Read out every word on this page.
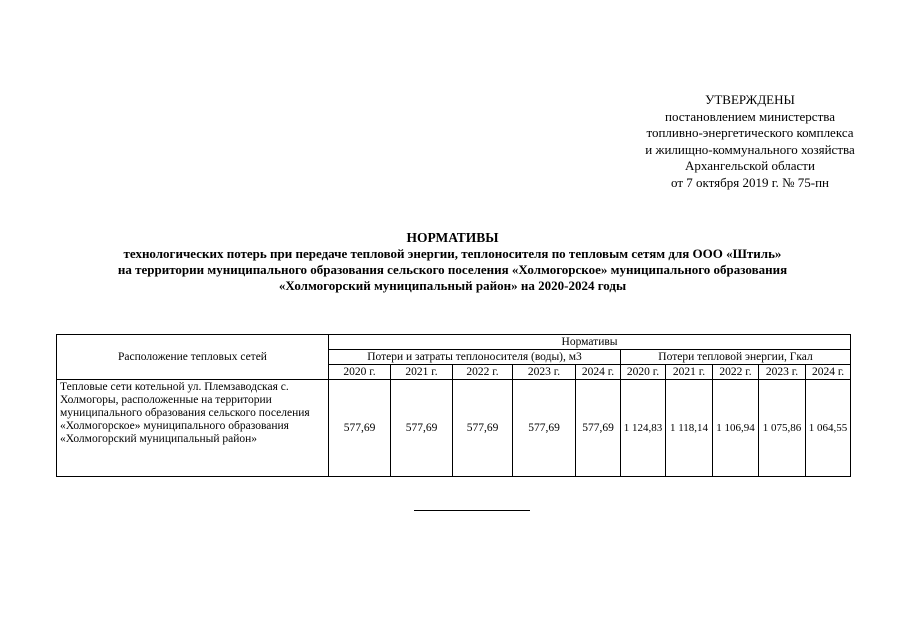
УТВЕРЖДЕНЫ
постановлением министерства
топливно-энергетического комплекса
и жилищно-коммунального хозяйства
Архангельской области
от 7 октября 2019 г. № 75-пн
НОРМАТИВЫ
технологических потерь при передаче тепловой энергии, теплоносителя по тепловым сетям для ООО «Штиль»
на территории муниципального образования сельского поселения «Холмогорское» муниципального образования
«Холмогорский муниципальный район» на 2020-2024 годы
Расположение тепловых сетей	Нормативы									
	Потери и затраты теплоносителя (воды), м3					Потери тепловой энергии, Гкал				
	2020 г.	2021 г.	2022 г.	2023 г.	2024 г.	2020 г.	2021 г.	2022 г.	2023 г.	2024 г.
Тепловые сети котельной ул. Племзаводская с. Холмогоры, расположенные на территории муниципального образования сельского поселения «Холмогорское» муниципального образования «Холмогорский муниципальный район»	577,69	577,69	577,69	577,69	577,69	1 124,83	1 118,14	1 106,94	1 075,86	1 064,55
